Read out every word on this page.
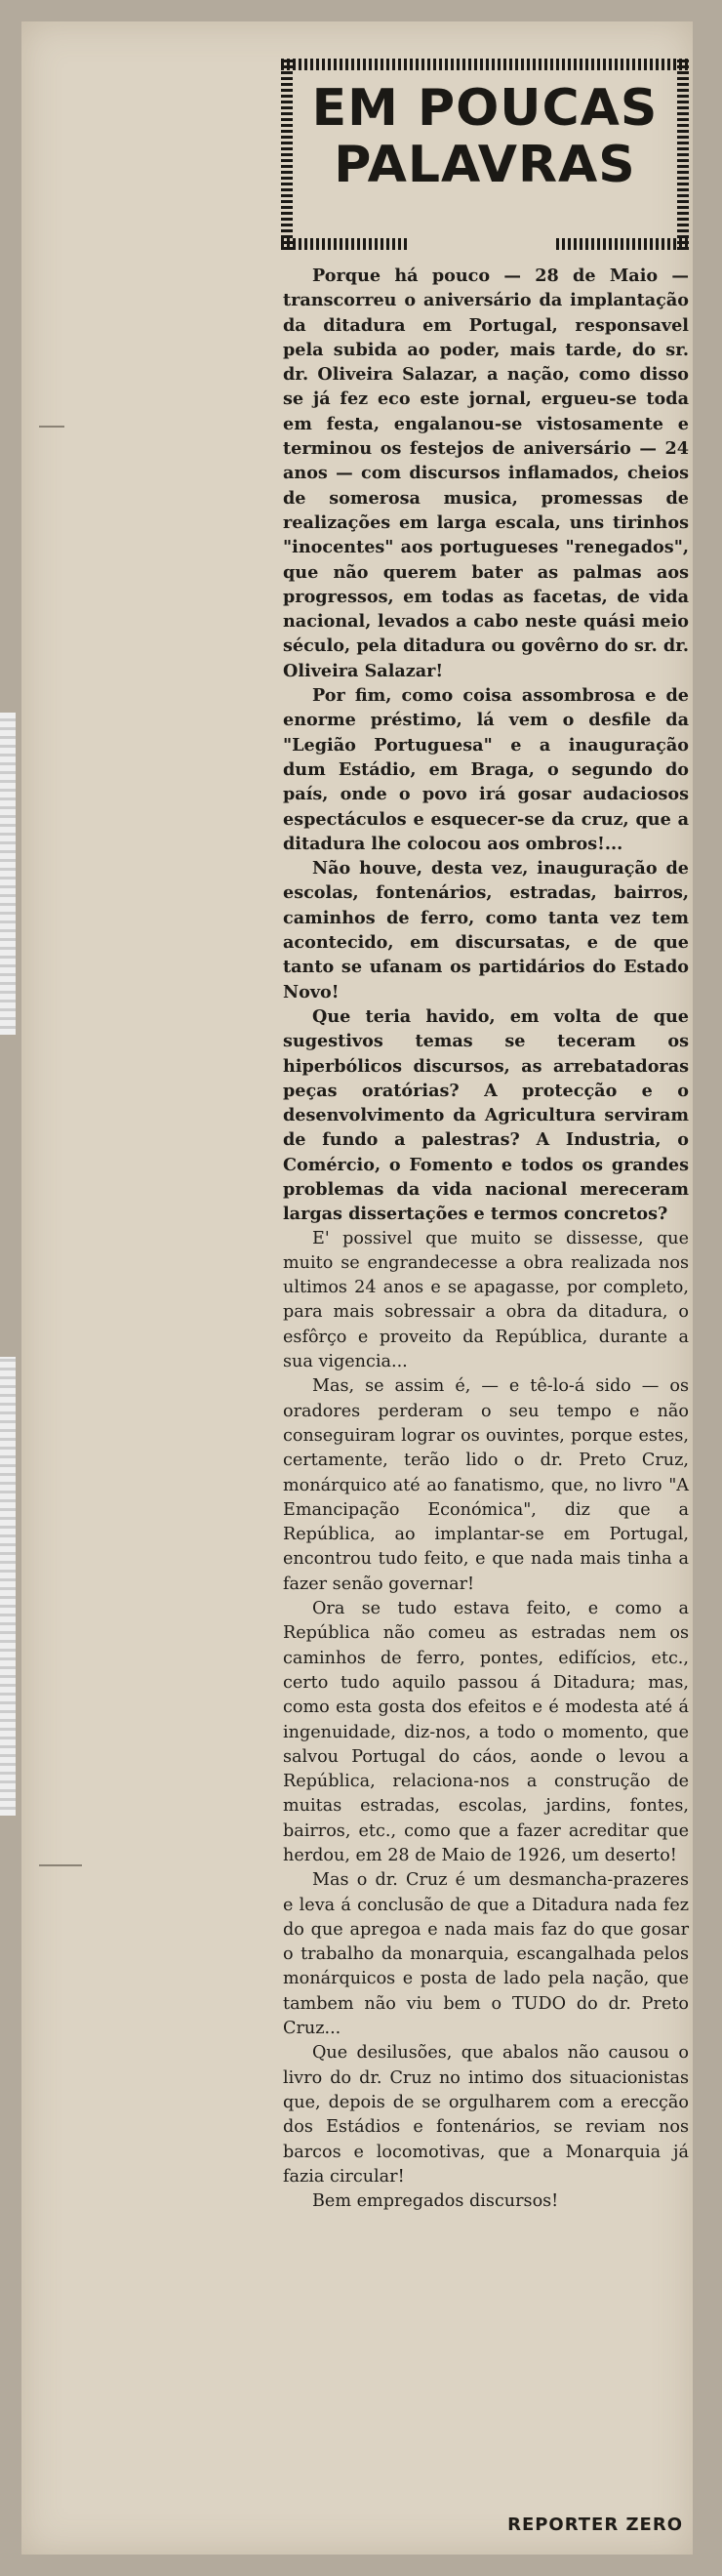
EM POUCAS
PALAVRAS

Porque há pouco — 28 de Maio — transcorreu o aniversário da implantação da ditadura em Portugal, responsavel pela subida ao poder, mais tarde, do sr. dr. Oliveira Salazar, a nação, como disso se já fez eco este jornal, ergueu-se toda em festa, engalanou-se vistosamente e terminou os festejos de aniversário — 24 anos — com discursos inflamados, cheios de somerosa musica, promessas de realizações em larga escala, uns tirinhos "inocentes" aos portugueses "renegados", que não querem bater as palmas aos progressos, em todas as facetas, de vida nacional, levados a cabo neste quási meio século, pela ditadura ou govêrno do sr. dr. Oliveira Salazar!

Por fim, como coisa assombrosa e de enorme préstimo, lá vem o desfile da "Legião Portuguesa" e a inauguração dum Estádio, em Braga, o segundo do país, onde o povo irá gosar audaciosos espectáculos e esquecer-se da cruz, que a ditadura lhe colocou aos ombros!...

Não houve, desta vez, inauguração de escolas, fontenários, estradas, bairros, caminhos de ferro, como tanta vez tem acontecido, em discursatas, e de que tanto se ufanam os partidários do Estado Novo!

Que teria havido, em volta de que sugestivos temas se teceram os hiperbólicos discursos, as arrebatadoras peças oratórias? A protecção e o desenvolvimento da Agricultura serviram de fundo a palestras? A Industria, o Comércio, o Fomento e todos os grandes problemas da vida nacional mereceram largas dissertações e termos concretos?

E' possivel que muito se dissesse, que muito se engrandecesse a obra realizada nos ultimos 24 anos e se apagasse, por completo, para mais sobressair a obra da ditadura, o esfôrço e proveito da República, durante a sua vigencia...

Mas, se assim é, — e tê-lo-á sido — os oradores perderam o seu tempo e não conseguiram lograr os ouvintes, porque estes, certamente, terão lido o dr. Preto Cruz, monárquico até ao fanatismo, que, no livro "A Emancipação Económica", diz que a República, ao implantar-se em Portugal, encontrou tudo feito, e que nada mais tinha a fazer senão governar!

Ora se tudo estava feito, e como a República não comeu as estradas nem os caminhos de ferro, pontes, edifícios, etc., certo tudo aquilo passou á Ditadura; mas, como esta gosta dos efeitos e é modesta até á ingenuidade, diz-nos, a todo o momento, que salvou Portugal do cáos, aonde o levou a República, relaciona-nos a construção de muitas estradas, escolas, jardins, fontes, bairros, etc., como que a fazer acreditar que herdou, em 28 de Maio de 1926, um deserto!

Mas o dr. Cruz é um desmancha-prazeres e leva á conclusão de que a Ditadura nada fez do que apregoa e nada mais faz do que gosar o trabalho da monarquia, escangalhada pelos monárquicos e posta de lado pela nação, que tambem não viu bem o TUDO do dr. Preto Cruz...

Que desilusões, que abalos não causou o livro do dr. Cruz no intimo dos situacionistas que, depois de se orgulharem com a erecção dos Estádios e fontenários, se reviam nos barcos e locomotivas, que a Monarquia já fazia circular!

Bem empregados discursos!

REPORTER ZERO
